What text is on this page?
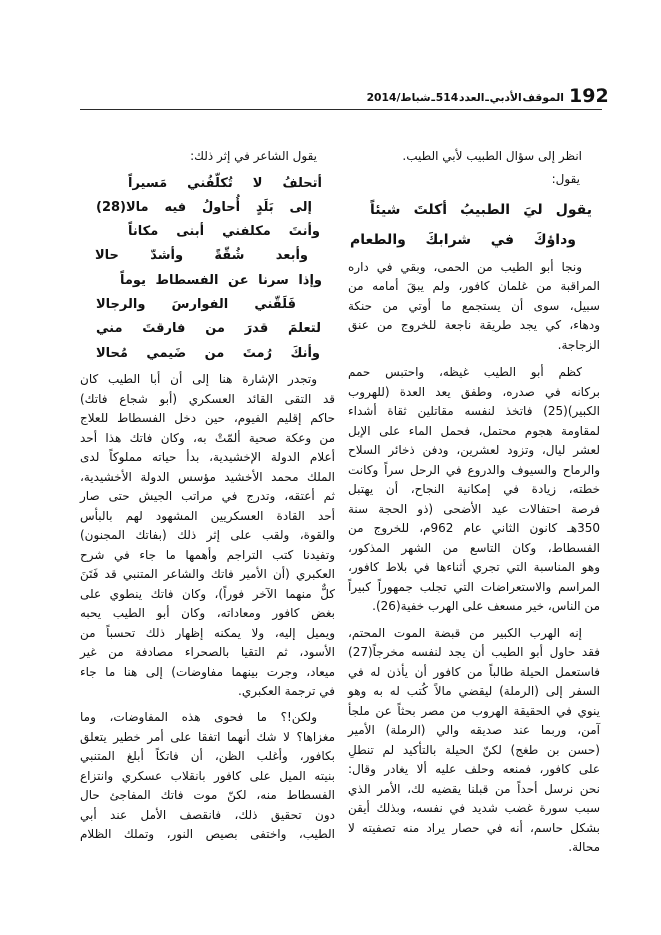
الموقف الأدبي ـ العدد 514 ـ شباط/2014 192
انظر إلى سؤال الطبيب لأبي الطيب.
يقول:
يقول ليَ الطبيبُ أكلتَ شيئاً
وداؤكَ في شرابكَ والطعام
ونجا أبو الطيب من الحمى، وبقي في داره
المراقبة من غلمان كافور، ولم يبقَ أمامه من
سبيل، سوى أن يستجمع ما أوتي من حنكة
ودهاء، كي يجد طريقة ناجعة للخروج من عنق
الزجاجة.
كظم أبو الطيب غيظه، واحتبس حمم
بركانه في صدره، وطفق يعد العدة (للهروب
الكبير)(25) فاتخذ لنفسه مقاتلين ثقاة أشداء
لمقاومة هجوم محتمل، فحمل الماء على الإبل
لعشر ليال، وتزود لعشرين، ودفن ذخائر السلاح
والرماح والسيوف والدروع في الرحل سراً وكانت
خطته، زيادة في إمكانية النجاح، أن يهتبل
فرصة احتفالات عيد الأضحى (ذو الحجة سنة
350هـ كانون الثاني عام 962م، للخروج من
الفسطاط، وكان التاسع من الشهر المذكور،
وهو المناسبة التي تجري أثناءها في بلاط كافور،
المراسم والاستعراضات التي تجلب جمهوراً كبيراً
من الناس، خير مسعف على الهرب خفية(26).
إنه الهرب الكبير من قبضة الموت المحتم،
فقد حاول أبو الطيب أن يجد لنفسه مخرجاً(27)
فاستعمل الحيلة طالباً من كافور أن يأذن له في
السفر إلى (الرملة) ليقضي مالاً كُتب له به وهو
ينوي في الحقيقة الهروب من مصر بحثاً عن ملجأ
آمن، وربما عند صديقه والي (الرملة) الأمير
(حسن بن طغج) لكنّ الحيلة بالتأكيد لم تنطلِ
على كافور، فمنعه وحلف عليه ألا يغادر وقال:
نحن نرسل أحداً من قبلنا يقضيه لك، الأمر الذي
سبب سورة غضب شديد في نفسه، وبذلك أيقن
بشكل حاسم، أنه في حصار يراد منه تصفيته لا
محالة.
يقول الشاعر في إثر ذلك:
أتحلفُ لا تُكلّفُني مَسيراً
إلى بَلَدٍ أُحاولُ فيه مالا(28)
وأنتَ مكلفني أبنى مكاناً
وأبعد شُقّةً وأشدّ حالا
وإذا سرنا عن الفسطاط يوماً
فَلَقّني الفوارسَ والرجالا
لتعلمَ قدرَ من فارقتَ مني
وأنكَ رُمتَ من ضَيمي مُحالا
وتجدر الإشارة هنا إلى أن أبا الطيب كان
قد التقى القائد العسكري (أبو شجاع فاتك)
حاكم إقليم الفيوم، حين دخل الفسطاط للعلاج
من وعكة صحية ألمّتْ به، وكان فاتك هذا أحد
أعلام الدولة الإخشيدية، بدأ حياته مملوكاً لدى
الملك محمد الأخشيد مؤسس الدولة الأخشيدية،
ثم أعتقه، وتدرج في مراتب الجيش حتى صار
أحد القادة العسكريين المشهود لهم بالبأس
والقوة، ولقب على إثر ذلك (بفاتك المجنون)
وتفيدنا كتب التراجم وأهمها ما جاء في شرح
العكبري (أن الأمير فاتك والشاعر المتنبي قد فَتَنَ
كلٌّ منهما الآخر فوراً)، وكان فاتك ينطوي على
بغض كافور ومعاداته، وكان أبو الطيب يحبه
ويميل إليه، ولا يمكنه إظهار ذلك تحسباً من
الأسود، ثم التقيا بالصحراء مصادفة من غير
ميعاد، وجرت بينهما مفاوضات) إلى هنا ما جاء
في ترجمة العكبري.
ولكن!؟ ما فحوى هذه المفاوضات، وما
مغزاها؟ لا شك أنهما اتفقا على أمر خطير يتعلق
بكافور، وأغلب الظن، أن فاتكاً أبلغ المتنبي
بنيته الميل على كافور بانقلاب عسكري وانتزاع
الفسطاط منه، لكنّ موت فاتك المفاجئ حال
دون تحقيق ذلك، فانقصف الأمل عند أبي
الطيب، واختفى بصيص النور، وتملك الظلام
